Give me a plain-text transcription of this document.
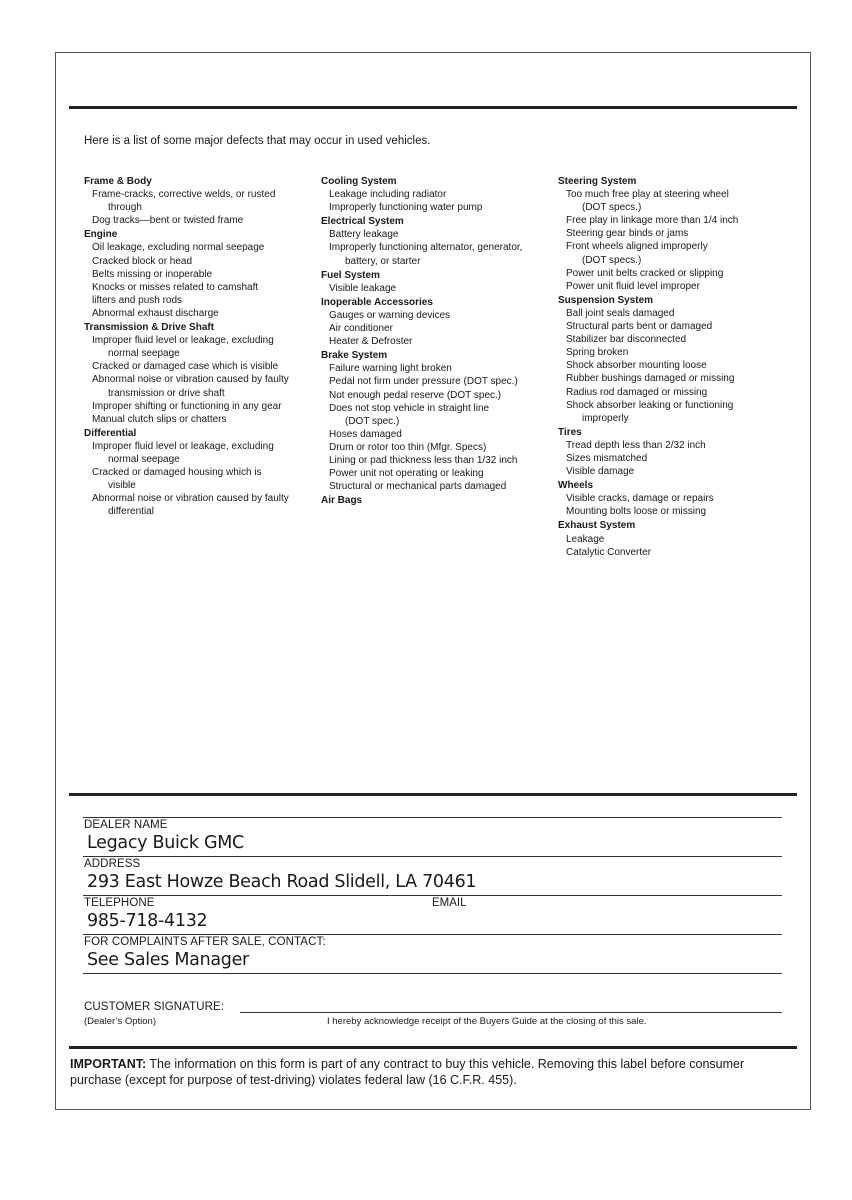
Here is a list of some major defects that may occur in used vehicles.
Frame & Body
Frame-cracks, corrective welds, or rusted
through
Dog tracks—bent or twisted frame
Engine
Oil leakage, excluding normal seepage
Cracked block or head
Belts missing or inoperable
Knocks or misses related to camshaft
lifters and push rods
Abnormal exhaust discharge
Transmission & Drive Shaft
Improper fluid level or leakage, excluding
normal seepage
Cracked or damaged case which is visible
Abnormal noise or vibration caused by faulty
transmission or drive shaft
Improper shifting or functioning in any gear
Manual clutch slips or chatters
Differential
Improper fluid level or leakage, excluding
normal seepage
Cracked or damaged housing which is
visible
Abnormal noise or vibration caused by faulty
differential
Cooling System
Leakage including radiator
Improperly functioning water pump
Electrical System
Battery leakage
Improperly functioning alternator, generator,
battery, or starter
Fuel System
Visible leakage
Inoperable Accessories
Gauges or warning devices
Air conditioner
Heater & Defroster
Brake System
Failure warning light broken
Pedal not firm under pressure (DOT spec.)
Not enough pedal reserve (DOT spec.)
Does not stop vehicle in straight line
(DOT spec.)
Hoses damaged
Drum or rotor too thin (Mfgr. Specs)
Lining or pad thickness less than 1/32 inch
Power unit not operating or leaking
Structural or mechanical parts damaged
Air Bags
Steering System
Too much free play at steering wheel
(DOT specs.)
Free play in linkage more than 1/4 inch
Steering gear binds or jams
Front wheels aligned improperly
(DOT specs.)
Power unit belts cracked or slipping
Power unit fluid level improper
Suspension System
Ball joint seals damaged
Structural parts bent or damaged
Stabilizer bar disconnected
Spring broken
Shock absorber mounting loose
Rubber bushings damaged or missing
Radius rod damaged or missing
Shock absorber leaking or functioning
improperly
Tires
Tread depth less than 2/32 inch
Sizes mismatched
Visible damage
Wheels
Visible cracks, damage or repairs
Mounting bolts loose or missing
Exhaust System
Leakage
Catalytic Converter
DEALER NAME
Legacy Buick GMC
ADDRESS
293 East Howze Beach Road Slidell, LA 70461
TELEPHONE	EMAIL
985-718-4132
FOR COMPLAINTS AFTER SALE, CONTACT:
See Sales Manager
CUSTOMER SIGNATURE:
(Dealer’s Option)	I hereby acknowledge receipt of the Buyers Guide at the closing of this sale.
IMPORTANT: The information on this form is part of any contract to buy this vehicle. Removing this label before consumer purchase (except for purpose of test-driving) violates federal law (16 C.F.R. 455).
